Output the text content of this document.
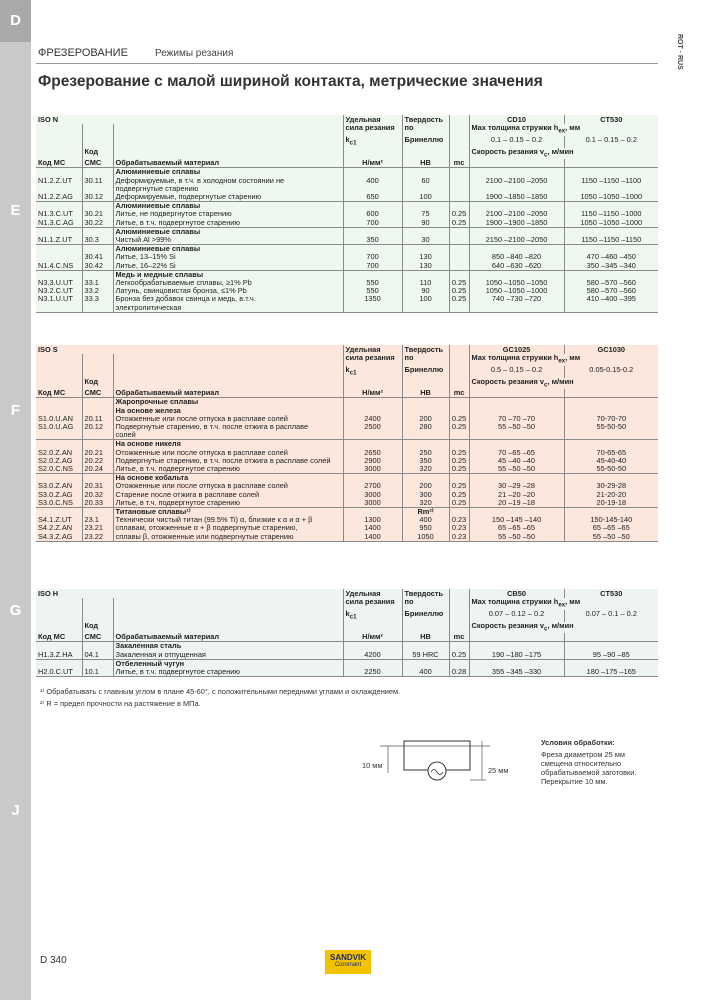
D
E
F
G
J
ФРЕЗЕРОВАНИЕ	Режимы резания	ROT · RUS
Фрезерование с малой шириной контакта, метрические значения
ISO N			Удельная	Твердость		CD10	CT530
			сила резания	по		Max толщина стружки $h_{ex}$, мм	
			$k_{c1}$	Бринеллю		0.1 – 0.15 – 0.2	0.1 – 0.15 – 0.2
	Код					Скорость резания $v_c$, м/мин	
Код МС	СМС	Обрабатываемый материал	Н/мм²	HB	mc		
		Алюминиевые сплавы					
N1.2.Z.UT	30.11	Деформируемые, в т.ч. в холодном состоянии не	400	60		2100 –2100 –2050	1150 –1150 –1100
		подвергнутые старению					
N1.2.Z.AG	30.12	Деформируемые, подвергнутые старению	650	100		1900 –1850 –1850	1050 –1050 –1000
		Алюминиевые сплавы					
N1.3.C.UT	30.21	Литье, не подвергнутое старению	600	75	0.25	2100 –2100 –2050	1150 –1150 –1000
N1.3.C.AG	30.22	Литье, в т.ч. подвергнутое старению	700	90	0.25	1900 –1900 –1850	1050 –1050 –1000
		Алюминиевые сплавы					
N1.1.Z.UT	30.3	Чистый Al >99%	350	30		2150 –2100 –2050	1150 –1150 –1150
		Алюминиевые сплавы					
	30.41	Литье, 13–15% Si	700	130		850 –840 –820	470 –460 –450
N1.4.C.NS	30.42	Литье, 16–22% Si	700	130		640 –630 –620	350 –345 –340
		Медь и медные сплавы					
N3.3.U.UT	33.1	Легкообрабатываемые сплавы, ≥1% Pb	550	110	0.25	1050 –1050 –1050	580 –570 –560
N3.2.C.UT	33.2	Латунь, свинцовистая бронза, ≤1% Pb	550	90	0.25	1050 –1050 –1000	580 –570 –560
N3.1.U.UT	33.3	Бронза без добавок свинца и медь, в.т.ч.	1350	100	0.25	740 –730 –720	410 –400 –395
		электролитическая					
ISO S			Удельная	Твердость		GC1025	GC1030
			сила резания	по		Max толщина стружки $h_{ex}$, мм	
			$k_{c1}$	Бринеллю		0.5 – 0.15 – 0.2	0.05-0.15-0.2
	Код					Скорость резания $v_c$, м/мин	
Код МС	СМС	Обрабатываемый материал	Н/мм²	HB	mc		
		Жаропрочные сплавы					
		На основе железа					
S1.0.U.AN	20.11	Отожженные или после отпуска в расплаве солей	2400	200	0.25	70 –70 –70	70-70-70
S1.0.U.AG	20.12	Подвергнутые старению, в т.ч. после отжига в расплаве	2500	280	0.25	55 –50 –50	55-50-50
		солей					
		На основе никеля					
S2.0.Z.AN	20.21	Отожженные или после отпуска в расплаве солей	2650	250	0.25	70 –65 –65	70-65-65
S2.0.Z.AG	20.22	Подвергнутые старению, в т.ч. после отжига в расплаве солей	2900	350	0.25	45 –40 –40	45-40-40
S2.0.C.NS	20.24	Литье, в т.ч. подвергнутое старению	3000	320	0.25	55 –50 –50	55-50-50
		На основе кобальта					
S3.0.Z.AN	20.31	Отожженные или после отпуска в расплаве солей	2700	200	0.25	30 –29 –28	30-29-28
S3.0.Z.AG	20.32	Старение после отжига в расплаве солей	3000	300	0.25	21 –20 –20	21-20-20
S3.0.C.NS	20.33	Литье, в т.ч. подвергнутое старению	3000	320	0.25	20 –19 –18	20-19-18
		Титановые сплавы¹⁾		Rm²⁾			
S4.1.Z.UT	23.1	Технически чистый титан (99.5% Ti) α, близкие к α и α + β	1300	400	0.23	150 –145 –140	150-145-140
S4.2.Z.AN	23.21	сплавам, отожженные α + β подвергнутые старению,	1400	950	0.23	65 –65 –65	65 –65 –65
S4.3.Z.AG	23.22	сплавы β, отожженные или подвергнутые старению	1400	1050	0.23	55 –50 –50	55 –50 –50
ISO H			Удельная	Твердость		CB50	CT530
			сила резания	по		Max толщина стружки $h_{ex}$, мм	
			$k_{c1}$	Бринеллю		0.07 – 0.12 – 0.2	0.07 – 0.1 – 0.2
	Код					Скорость резания $v_c$, м/мин	
Код МС	СМС	Обрабатываемый материал	Н/мм²	HB	mc		
		Закаленная сталь					
H1.3.Z.HA	04.1	Закаленная и отпущенная	4200	59 HRC	0.25	190 –180 –175	95 –90 –85
		Отбеленный чугун					
H2.0.C.UT	10.1	Литье, в т.ч. подвергнутое старению	2250	400	0.28	355 –345 –330	180 –175 –165
¹⁾ Обрабатывать с главным углом в плане 45-60°, с положительными передними углами и охлаждением.
²⁾ R = предел прочности на растяжение в МПа.
10 мм
25 мм
Условия обработки:
Фреза диаметром 25 мм
смещена относительно
обрабатываемой заготовки.
Перекрытие 10 мм.
D 340	SANDVIK
Coromant
